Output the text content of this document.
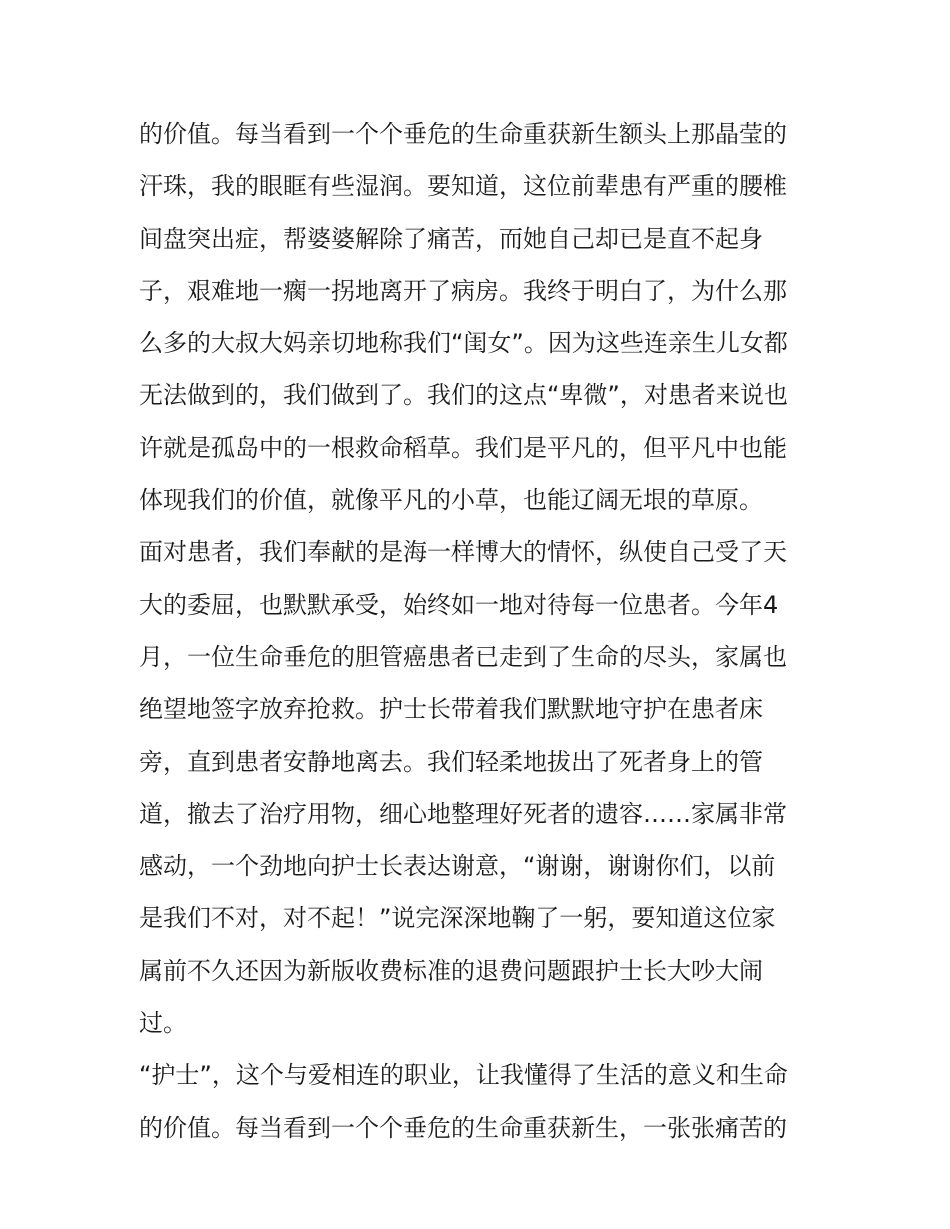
的价值。每当看到一个个垂危的生命重获新生额头上那晶莹的
汗珠，我的眼眶有些湿润。要知道，这位前辈患有严重的腰椎
间盘突出症，帮婆婆解除了痛苦，而她自己却已是直不起身
子，艰难地一瘸一拐地离开了病房。我终于明白了，为什么那
么多的大叔大妈亲切地称我们“闺女”。因为这些连亲生儿女都
无法做到的，我们做到了。我们的这点“卑微”，对患者来说也
许就是孤岛中的一根救命稻草。我们是平凡的，但平凡中也能
体现我们的价值，就像平凡的小草，也能辽阔无垠的草原。
面对患者，我们奉献的是海一样博大的情怀，纵使自己受了天
大的委屈，也默默承受，始终如一地对待每一位患者。今年4
月，一位生命垂危的胆管癌患者已走到了生命的尽头，家属也
绝望地签字放弃抢救。护士长带着我们默默地守护在患者床
旁，直到患者安静地离去。我们轻柔地拔出了死者身上的管
道，撤去了治疗用物，细心地整理好死者的遗容……家属非常
感动，一个劲地向护士长表达谢意，“谢谢，谢谢你们，以前
是我们不对，对不起！”说完深深地鞠了一躬，要知道这位家
属前不久还因为新版收费标准的退费问题跟护士长大吵大闹
过。
“护士”，这个与爱相连的职业，让我懂得了生活的意义和生命
的价值。每当看到一个个垂危的生命重获新生，一张张痛苦的
